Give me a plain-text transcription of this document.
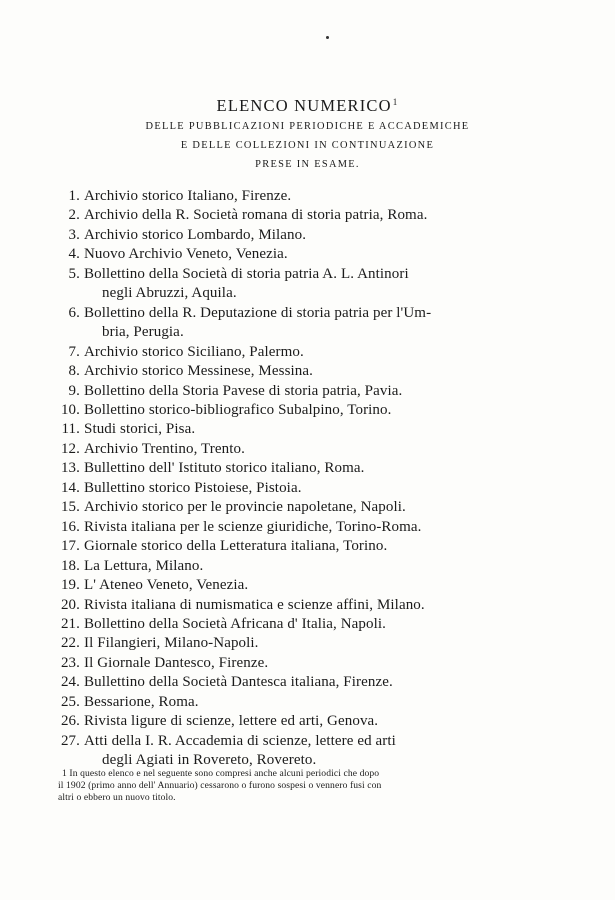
ELENCO NUMERICO$^1$
DELLE PUBBLICAZIONI PERIODICHE E ACCADEMICHE
E DELLE COLLEZIONI IN CONTINUAZIONE
PRESE IN ESAME.
1. Archivio storico Italiano, Firenze.
2. Archivio della R. Società romana di storia patria, Roma.
3. Archivio storico Lombardo, Milano.
4. Nuovo Archivio Veneto, Venezia.
5. Bollettino della Società di storia patria A. L. Antinori
negli Abruzzi, Aquila.
6. Bollettino della R. Deputazione di storia patria per l'Um-
bria, Perugia.
7. Archivio storico Siciliano, Palermo.
8. Archivio storico Messinese, Messina.
9. Bollettino della Storia Pavese di storia patria, Pavia.
10. Bollettino storico-bibliografico Subalpino, Torino.
11. Studi storici, Pisa.
12. Archivio Trentino, Trento.
13. Bullettino dell' Istituto storico italiano, Roma.
14. Bullettino storico Pistoiese, Pistoia.
15. Archivio storico per le provincie napoletane, Napoli.
16. Rivista italiana per le scienze giuridiche, Torino-Roma.
17. Giornale storico della Letteratura italiana, Torino.
18. La Lettura, Milano.
19. L' Ateneo Veneto, Venezia.
20. Rivista italiana di numismatica e scienze affini, Milano.
21. Bollettino della Società Africana d' Italia, Napoli.
22. Il Filangieri, Milano-Napoli.
23. Il Giornale Dantesco, Firenze.
24. Bullettino della Società Dantesca italiana, Firenze.
25. Bessarione, Roma.
26. Rivista ligure di scienze, lettere ed arti, Genova.
27. Atti della I. R. Accademia di scienze, lettere ed arti
degli Agiati in Rovereto, Rovereto.
1 In questo elenco e nel seguente sono compresi anche alcuni periodici che dopo
il 1902 (primo anno dell' Annuario) cessarono o furono sospesi o vennero fusi con
altri o ebbero un nuovo titolo.
